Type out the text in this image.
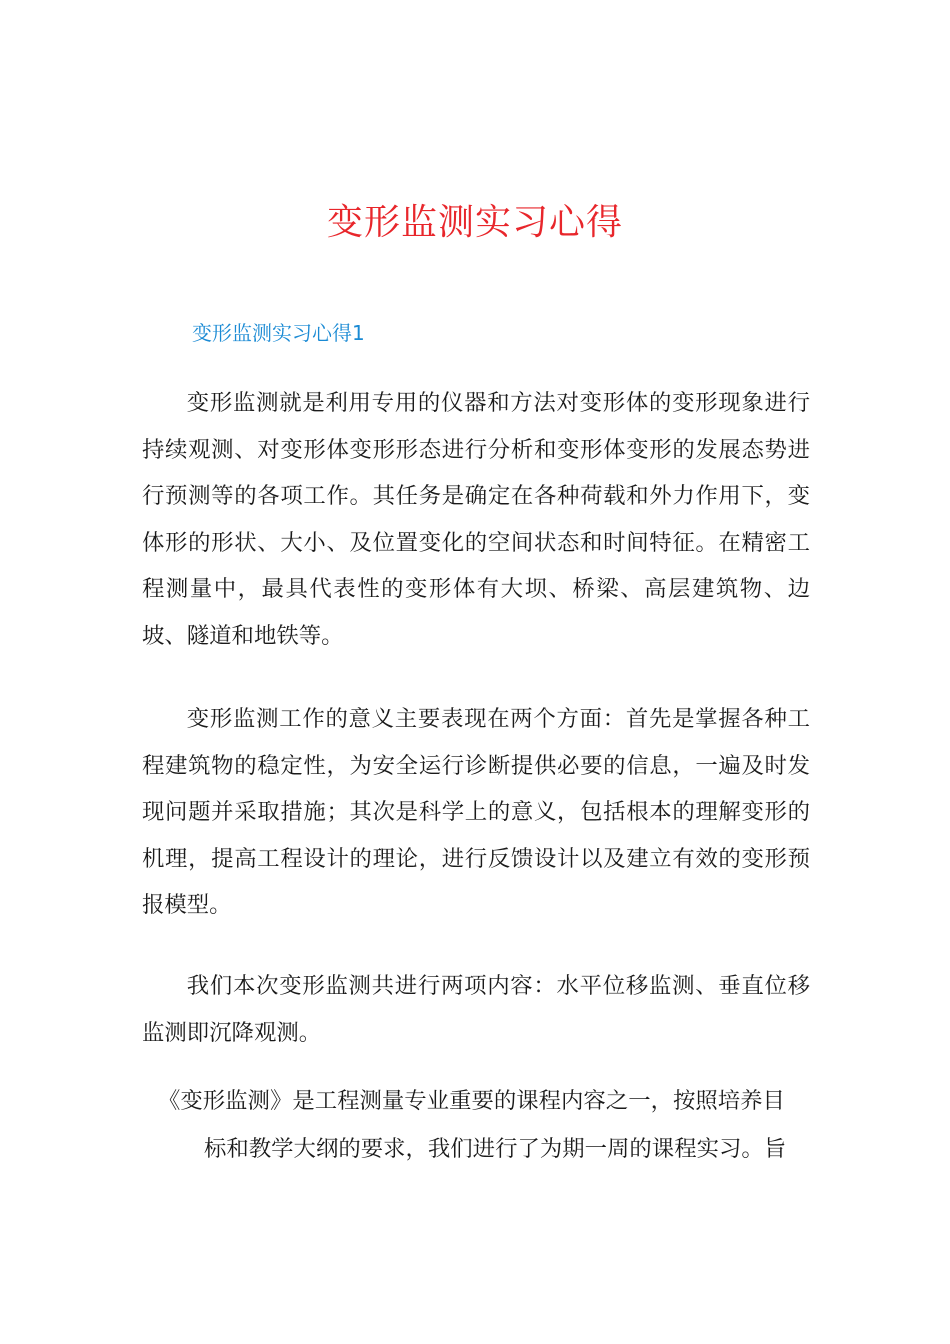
变形监测实习心得
变形监测实习心得1

变形监测就是利用专用的仪器和方法对变形体的变形现象进行持续观测、对变形体变形形态进行分析和变形体变形的发展态势进行预测等的各项工作。其任务是确定在各种荷载和外力作用下，变体形的形状、大小、及位置变化的空间状态和时间特征。在精密工程测量中，最具代表性的变形体有大坝、桥梁、高层建筑物、边坡、隧道和地铁等。

变形监测工作的意义主要表现在两个方面：首先是掌握各种工程建筑物的稳定性，为安全运行诊断提供必要的信息，一遍及时发现问题并采取措施；其次是科学上的意义，包括根本的理解变形的机理，提高工程设计的理论，进行反馈设计以及建立有效的变形预报模型。

我们本次变形监测共进行两项内容：水平位移监测、垂直位移监测即沉降观测。

《变形监测》是工程测量专业重要的课程内容之一，按照培养目

标和教学大纲的要求，我们进行了为期一周的课程实习。旨
